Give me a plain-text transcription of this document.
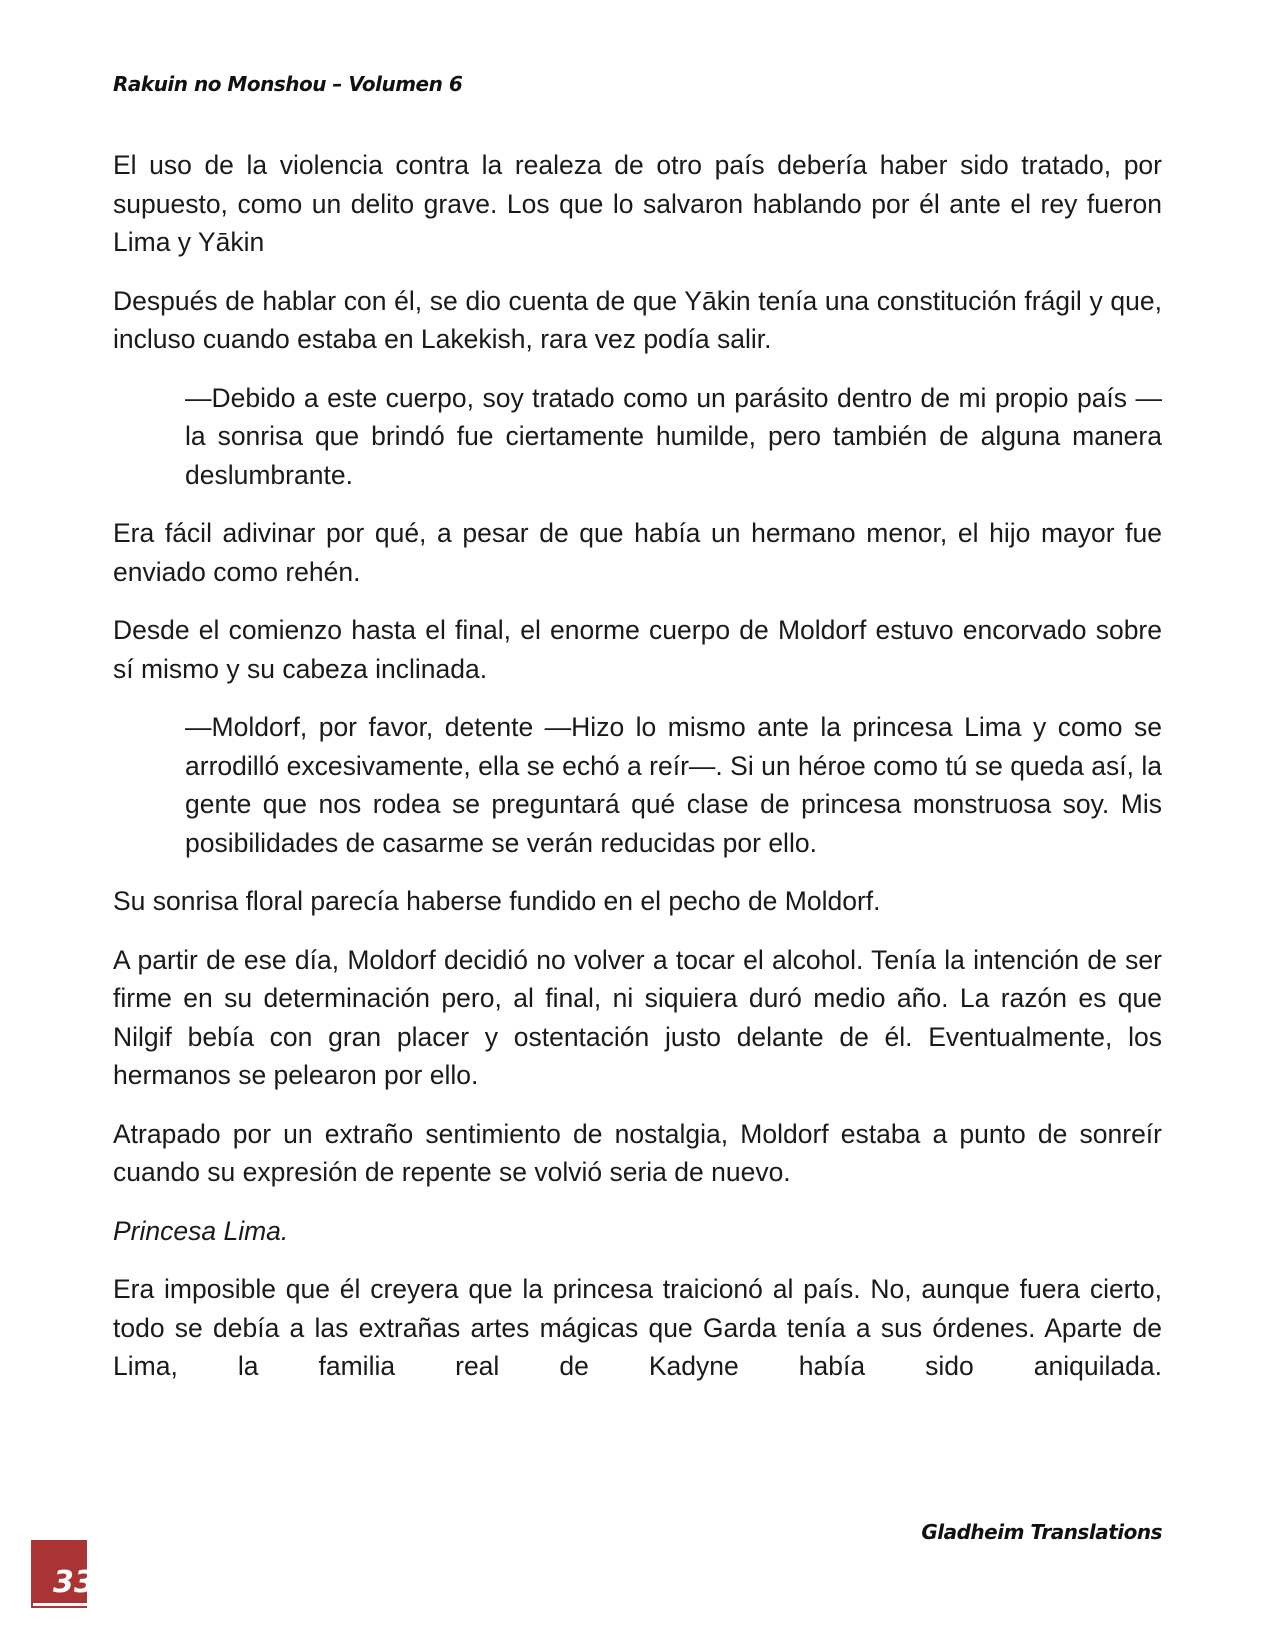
Rakuin no Monshou – Volumen 6

El uso de la violencia contra la realeza de otro país debería haber sido tratado, por supuesto, como un delito grave. Los que lo salvaron hablando por él ante el rey fueron Lima y Yākin

Después de hablar con él, se dio cuenta de que Yākin tenía una constitución frágil y que, incluso cuando estaba en Lakekish, rara vez podía salir.

—Debido a este cuerpo, soy tratado como un parásito dentro de mi propio país —la sonrisa que brindó fue ciertamente humilde, pero también de alguna manera deslumbrante.

Era fácil adivinar por qué, a pesar de que había un hermano menor, el hijo mayor fue enviado como rehén.

Desde el comienzo hasta el final, el enorme cuerpo de Moldorf estuvo encorvado sobre sí mismo y su cabeza inclinada.

—Moldorf, por favor, detente —Hizo lo mismo ante la princesa Lima y como se arrodilló excesivamente, ella se echó a reír—. Si un héroe como tú se queda así, la gente que nos rodea se preguntará qué clase de princesa monstruosa soy. Mis posibilidades de casarme se verán reducidas por ello.

Su sonrisa floral parecía haberse fundido en el pecho de Moldorf.

A partir de ese día, Moldorf decidió no volver a tocar el alcohol. Tenía la intención de ser firme en su determinación pero, al final, ni siquiera duró medio año. La razón es que Nilgif bebía con gran placer y ostentación justo delante de él. Eventualmente, los hermanos se pelearon por ello.

Atrapado por un extraño sentimiento de nostalgia, Moldorf estaba a punto de sonreír cuando su expresión de repente se volvió seria de nuevo.

Princesa Lima.

Era imposible que él creyera que la princesa traicionó al país. No, aunque fuera cierto, todo se debía a las extrañas artes mágicas que Garda tenía a sus órdenes. Aparte de Lima, la familia real de Kadyne había sido aniquilada.

Gladheim Translations
33
